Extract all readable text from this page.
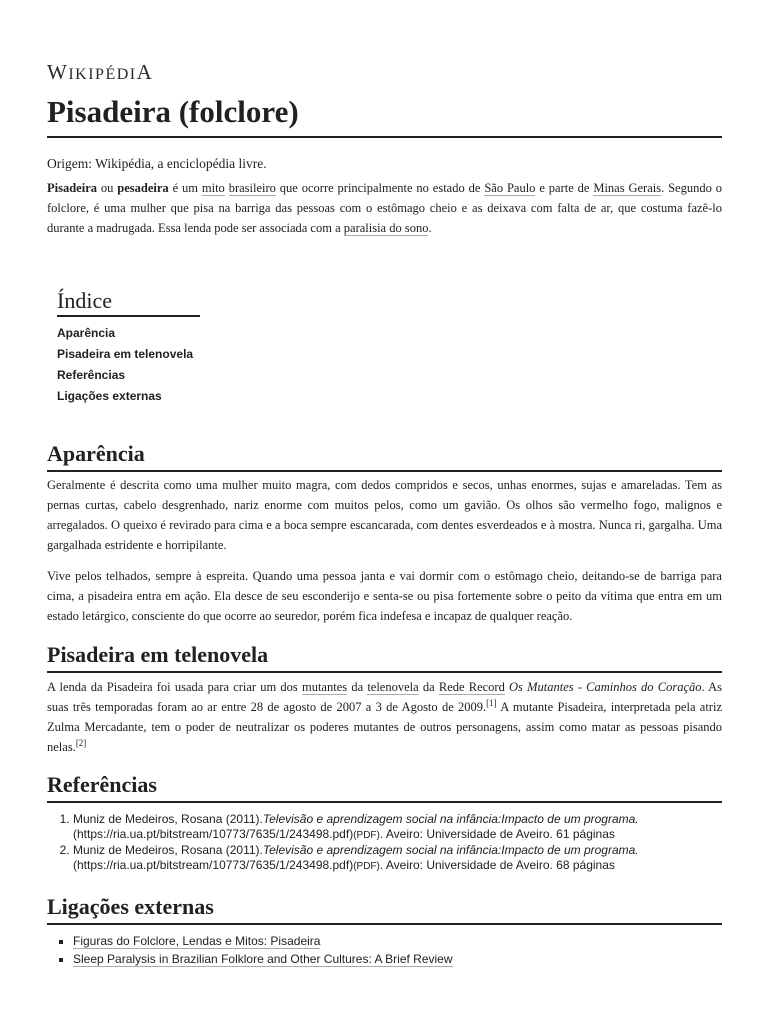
WIKIPÉDIA
Pisadeira (folclore)
Origem: Wikipédia, a enciclopédia livre.

Pisadeira ou pesadeira é um mito brasileiro que ocorre principalmente no estado de São Paulo e parte de Minas Gerais. Segundo o folclore, é uma mulher que pisa na barriga das pessoas com o estômago cheio e as deixava com falta de ar, que costuma fazê-lo durante a madrugada. Essa lenda pode ser associada com a paralisia do sono.

Índice
Aparência
Pisadeira em telenovela
Referências
Ligações externas
Aparência

Geralmente é descrita como uma mulher muito magra, com dedos compridos e secos, unhas enormes, sujas e amareladas. Tem as pernas curtas, cabelo desgrenhado, nariz enorme com muitos pelos, como um gavião. Os olhos são vermelho fogo, malignos e arregalados. O queixo é revirado para cima e a boca sempre escancarada, com dentes esverdeados e à mostra. Nunca ri, gargalha. Uma gargalhada estridente e horripilante.

Vive pelos telhados, sempre à espreita. Quando uma pessoa janta e vai dormir com o estômago cheio, deitando-se de barriga para cima, a pisadeira entra em ação. Ela desce de seu esconderijo e senta-se ou pisa fortemente sobre o peito da vítima que entra em um estado letárgico, consciente do que ocorre ao seuredor, porém fica indefesa e incapaz de qualquer reação.

Pisadeira em telenovela

A lenda da Pisadeira foi usada para criar um dos mutantes da telenovela da Rede Record Os Mutantes - Caminhos do Coração. As suas três temporadas foram ao ar entre 28 de agosto de 2007 a 3 de Agosto de 2009.[1] A mutante Pisadeira, interpretada pela atriz Zulma Mercadante, tem o poder de neutralizar os poderes mutantes de outros personagens, assim como matar as pessoas pisando nelas.[2]

Referências
1. Muniz de Medeiros, Rosana (2011).Televisão e aprendizagem social na infância:Impacto de um programa.(https://ria.ua.pt/bitstream/10773/7635/1/243498.pdf)(PDF). Aveiro: Universidade de Aveiro. 61 páginas
2. Muniz de Medeiros, Rosana (2011).Televisão e aprendizagem social na infância:Impacto de um programa.(https://ria.ua.pt/bitstream/10773/7635/1/243498.pdf)(PDF). Aveiro: Universidade de Aveiro. 68 páginas
Ligações externas
▪ Figuras do Folclore, Lendas e Mitos: Pisadeira
▪ Sleep Paralysis in Brazilian Folklore and Other Cultures: A Brief Review
